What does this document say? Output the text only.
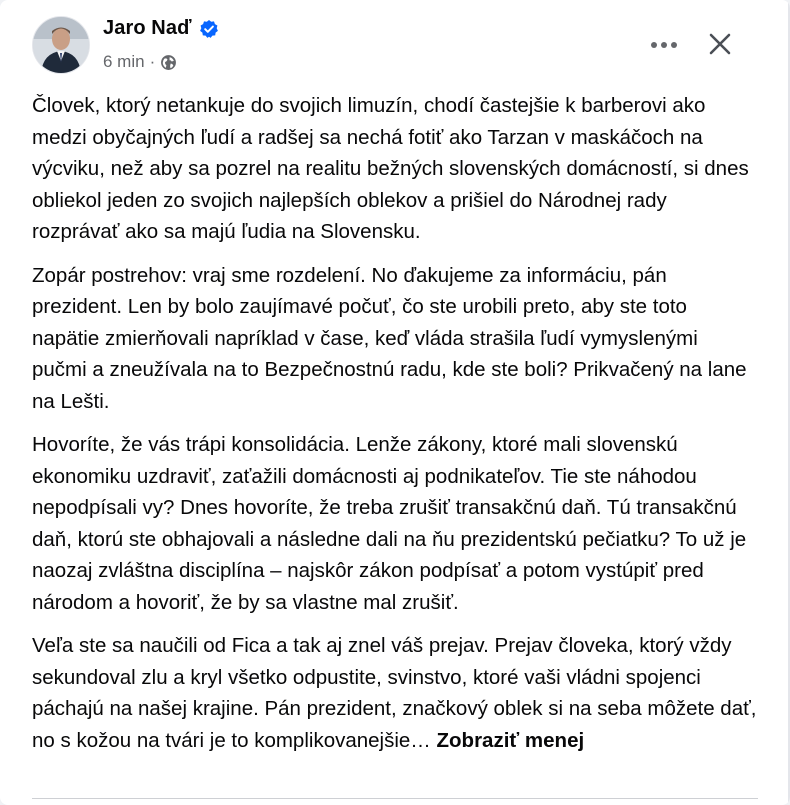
Jaro Naď
6 min ·

Človek, ktorý netankuje do svojich limuzín, chodí častejšie k barberovi ako medzi obyčajných ľudí a radšej sa nechá fotiť ako Tarzan v maskáčoch na výcviku, než aby sa pozrel na realitu bežných slovenských domácností, si dnes obliekol jeden zo svojich najlepších oblekov a prišiel do Národnej rady rozprávať ako sa majú ľudia na Slovensku.

Zopár postrehov: vraj sme rozdelení. No ďakujeme za informáciu, pán prezident. Len by bolo zaujímavé počuť, čo ste urobili preto, aby ste toto napätie zmierňovali napríklad v čase, keď vláda strašila ľudí vymyslenými pučmi a zneužívala na to Bezpečnostnú radu, kde ste boli? Prikvačený na lane na Lešti.

Hovoríte, že vás trápi konsolidácia. Lenže zákony, ktoré mali slovenskú ekonomiku uzdraviť, zaťažili domácnosti aj podnikateľov. Tie ste náhodou nepodpísali vy? Dnes hovoríte, že treba zrušiť transakčnú daň. Tú transakčnú daň, ktorú ste obhajovali a následne dali na ňu prezidentskú pečiatku? To už je naozaj zvláštna disciplína – najskôr zákon podpísať a potom vystúpiť pred národom a hovoriť, že by sa vlastne mal zrušiť.

Veľa ste sa naučili od Fica a tak aj znel váš prejav. Prejav človeka, ktorý vždy sekundoval zlu a kryl všetko odpustite, svinstvo, ktoré vaši vládni spojenci páchajú na našej krajine. Pán prezident, značkový oblek si na seba môžete dať, no s kožou na tvári je to komplikovanejšie… Zobraziť menej
